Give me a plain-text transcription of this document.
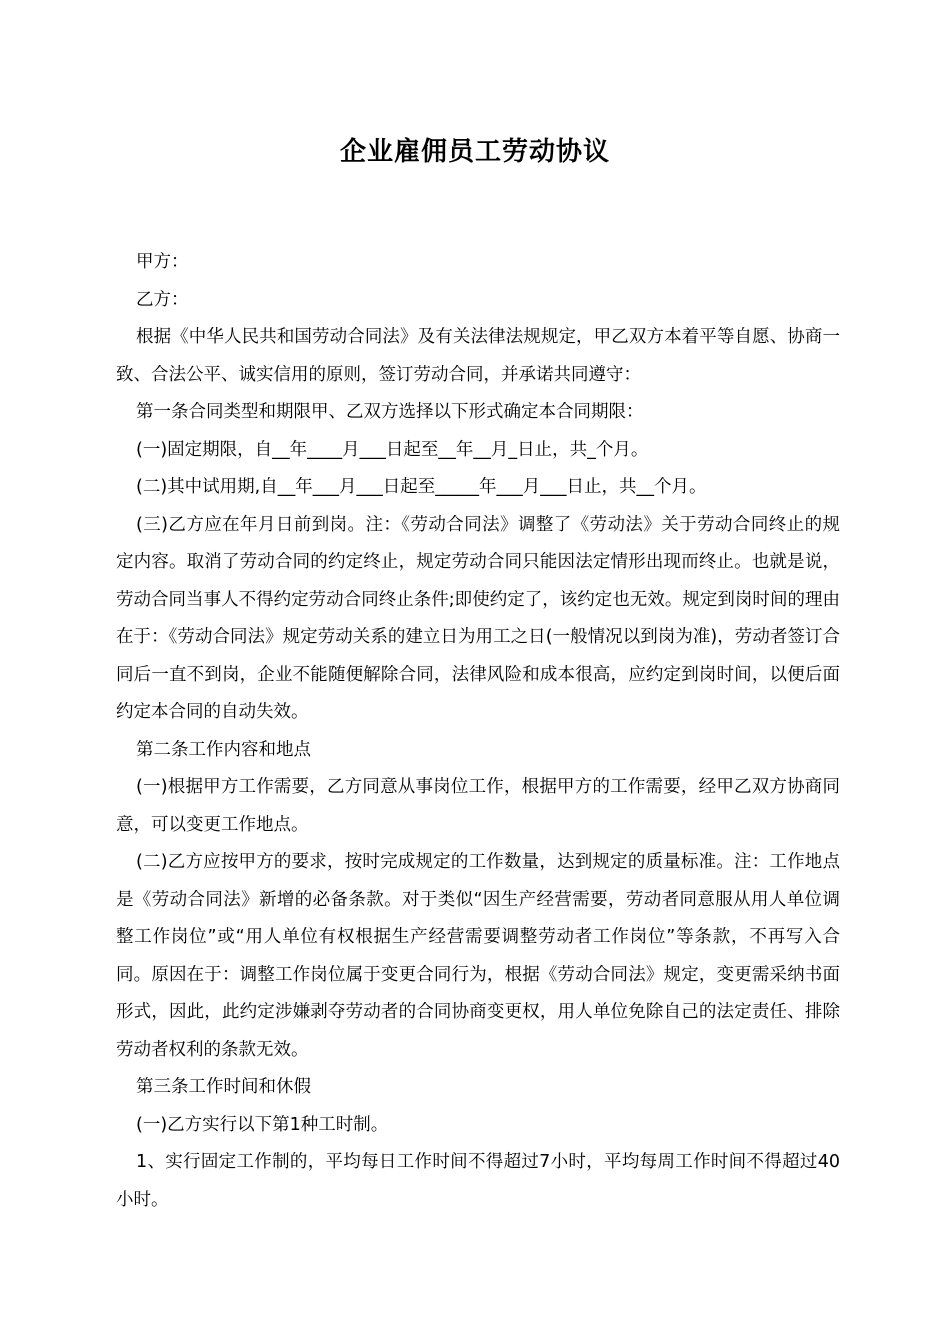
企业雇佣员工劳动协议

甲方：

乙方：

根据《中华人民共和国劳动合同法》及有关法律法规规定，甲乙双方本着平等自愿、协商一致、合法公平、诚实信用的原则，签订劳动合同，并承诺共同遵守：

第一条合同类型和期限甲、乙双方选择以下形式确定本合同期限：

(一)固定期限，自__年____月___日起至__年__月_日止，共_个月。

(二)其中试用期,自__年___月___日起至_____年___月___日止，共__个月。

(三)乙方应在年月日前到岗。注：《劳动合同法》调整了《劳动法》关于劳动合同终止的规定内容。取消了劳动合同的约定终止，规定劳动合同只能因法定情形出现而终止。也就是说，劳动合同当事人不得约定劳动合同终止条件;即使约定了，该约定也无效。规定到岗时间的理由在于：《劳动合同法》规定劳动关系的建立日为用工之日(一般情况以到岗为准)，劳动者签订合同后一直不到岗，企业不能随便解除合同，法律风险和成本很高，应约定到岗时间，以便后面约定本合同的自动失效。

第二条工作内容和地点

(一)根据甲方工作需要，乙方同意从事岗位工作，根据甲方的工作需要，经甲乙双方协商同意，可以变更工作地点。

(二)乙方应按甲方的要求，按时完成规定的工作数量，达到规定的质量标准。注：工作地点是《劳动合同法》新增的必备条款。对于类似“因生产经营需要，劳动者同意服从用人单位调整工作岗位”或“用人单位有权根据生产经营需要调整劳动者工作岗位”等条款，不再写入合同。原因在于：调整工作岗位属于变更合同行为，根据《劳动合同法》规定，变更需采纳书面形式，因此，此约定涉嫌剥夺劳动者的合同协商变更权，用人单位免除自己的法定责任、排除劳动者权利的条款无效。

第三条工作时间和休假

(一)乙方实行以下第1种工时制。

1、实行固定工作制的，平均每日工作时间不得超过7小时，平均每周工作时间不得超过40小时。
